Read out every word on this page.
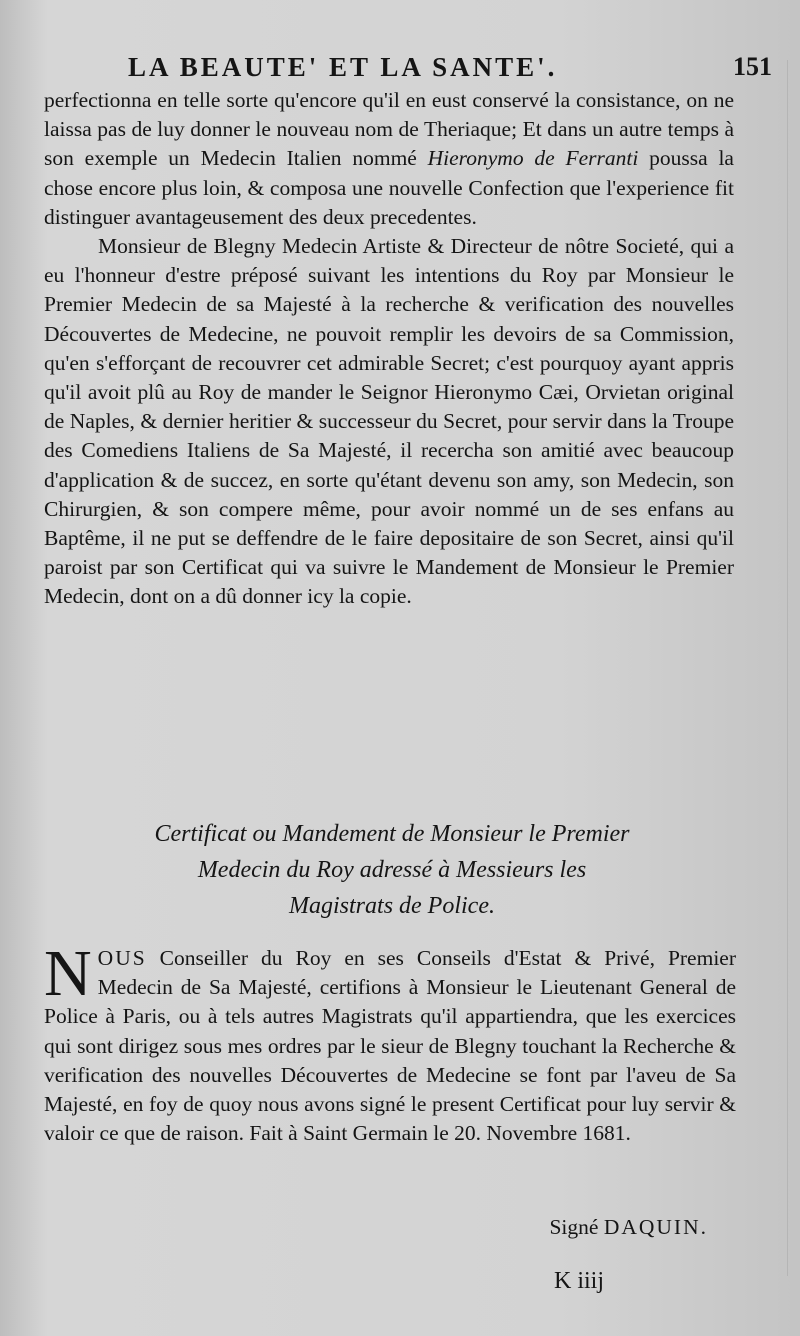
LA BEAUTE' ET LA SANTE'.	151

perfectionna en telle sorte qu'encore qu'il en eust conservé la consistance, on ne laissa pas de luy donner le nouveau nom de Theriaque; Et dans un autre temps à son exemple un Medecin Italien nommé Hieronymo de Ferranti poussa la chose encore plus loin, & composa une nouvelle Confection que l'experience fit distinguer avantageusement des deux precedentes.

Monsieur de Blegny Medecin Artiste & Directeur de nôtre Societé, qui a eu l'honneur d'estre préposé suivant les intentions du Roy par Monsieur le Premier Medecin de sa Majesté à la recherche & verification des nouvelles Découvertes de Medecine, ne pouvoit remplir les devoirs de sa Commission, qu'en s'efforçant de recouvrer cet admirable Secret; c'est pourquoy ayant appris qu'il avoit plû au Roy de mander le Seignor Hieronymo Cæi, Orvietan original de Naples, & dernier heritier & successeur du Secret, pour servir dans la Troupe des Comediens Italiens de Sa Majesté, il recercha son amitié avec beaucoup d'application & de succez, en sorte qu'étant devenu son amy, son Medecin, son Chirurgien, & son compere même, pour avoir nommé un de ses enfans au Baptême, il ne put se deffendre de le faire depositaire de son Secret, ainsi qu'il paroist par son Certificat qui va suivre le Mandement de Monsieur le Premier Medecin, dont on a dû donner icy la copie.

Certificat ou Mandement de Monsieur le Premier
Medecin du Roy adressé à Messieurs les
Magistrats de Police.
NOUS Conseiller du Roy en ses Conseils d'Estat & Privé, Premier Medecin de Sa Majesté, certifions à Monsieur le Lieutenant General de Police à Paris, ou à tels autres Magistrats qu'il appartiendra, que les exercices qui sont dirigez sous mes ordres par le sieur de Blegny touchant la Recherche & verification des nouvelles Découvertes de Medecine se font par l'aveu de Sa Majesté, en foy de quoy nous avons signé le present Certificat pour luy servir & valoir ce que de raison. Fait à Saint Germain le 20. Novembre 1681.
Signé DAQUIN.
K iiij
